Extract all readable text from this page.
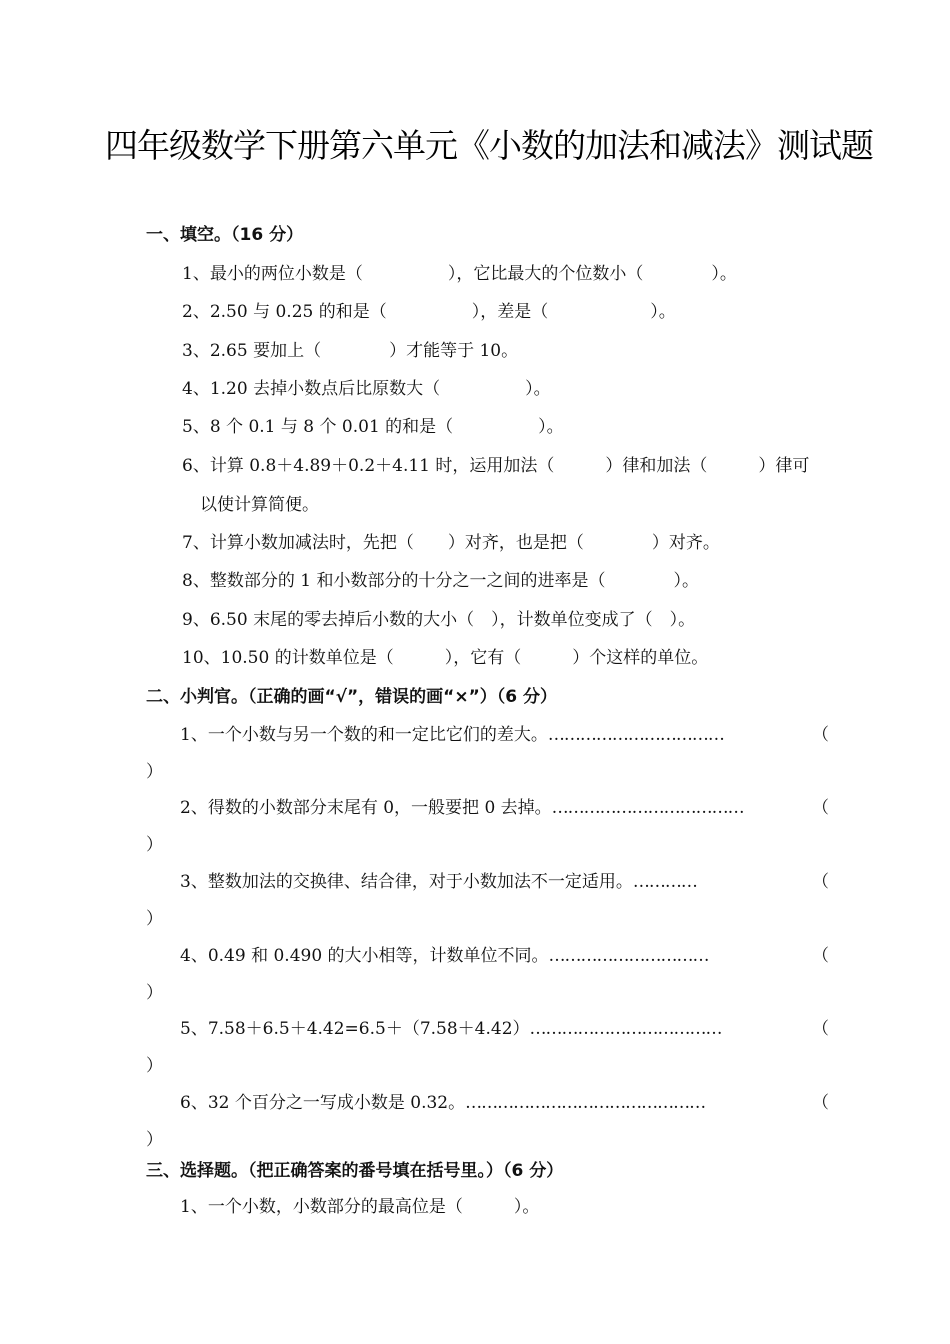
四年级数学下册第六单元《小数的加法和减法》测试题
一、填空。（16 分）
1、最小的两位小数是（　　　　　），它比最大的个位数小（　　　　）。
2、2.50 与 0.25 的和是（　　　　　），差是（　　　　　　）。
3、2.65 要加上（　　　　）才能等于 10。
4、1.20 去掉小数点后比原数大（　　　　　）。
5、8 个 0.1 与 8 个 0.01 的和是（　　　　　）。
6、计算 0.8＋4.89＋0.2＋4.11 时，运用加法（　　　）律和加法（　　　）律可
以使计算简便。
7、计算小数加减法时，先把（　　）对齐，也是把（　　　　）对齐。
8、整数部分的 1 和小数部分的十分之一之间的进率是（　　　　）。
9、6.50 末尾的零去掉后小数的大小（　），计数单位变成了（　）。
10、10.50 的计数单位是（　　　），它有（　　　）个这样的单位。
二、小判官。（正确的画“√”，错误的画“×”）（6 分）
1、一个小数与另一个数的和一定比它们的差大。……………………………	（
）
2、得数的小数部分末尾有 0，一般要把 0 去掉。………………………………	（
）
3、整数加法的交换律、结合律，对于小数加法不一定适用。…………	（
）
4、0.49 和 0.490 的大小相等，计数单位不同。…………………………	（
）
5、7.58＋6.5＋4.42=6.5＋（7.58＋4.42）………………………………	（
）
6、32 个百分之一写成小数是 0.32。………………………………………	（
）
三、选择题。（把正确答案的番号填在括号里。）（6 分）
1、一个小数，小数部分的最高位是（　　　）。
